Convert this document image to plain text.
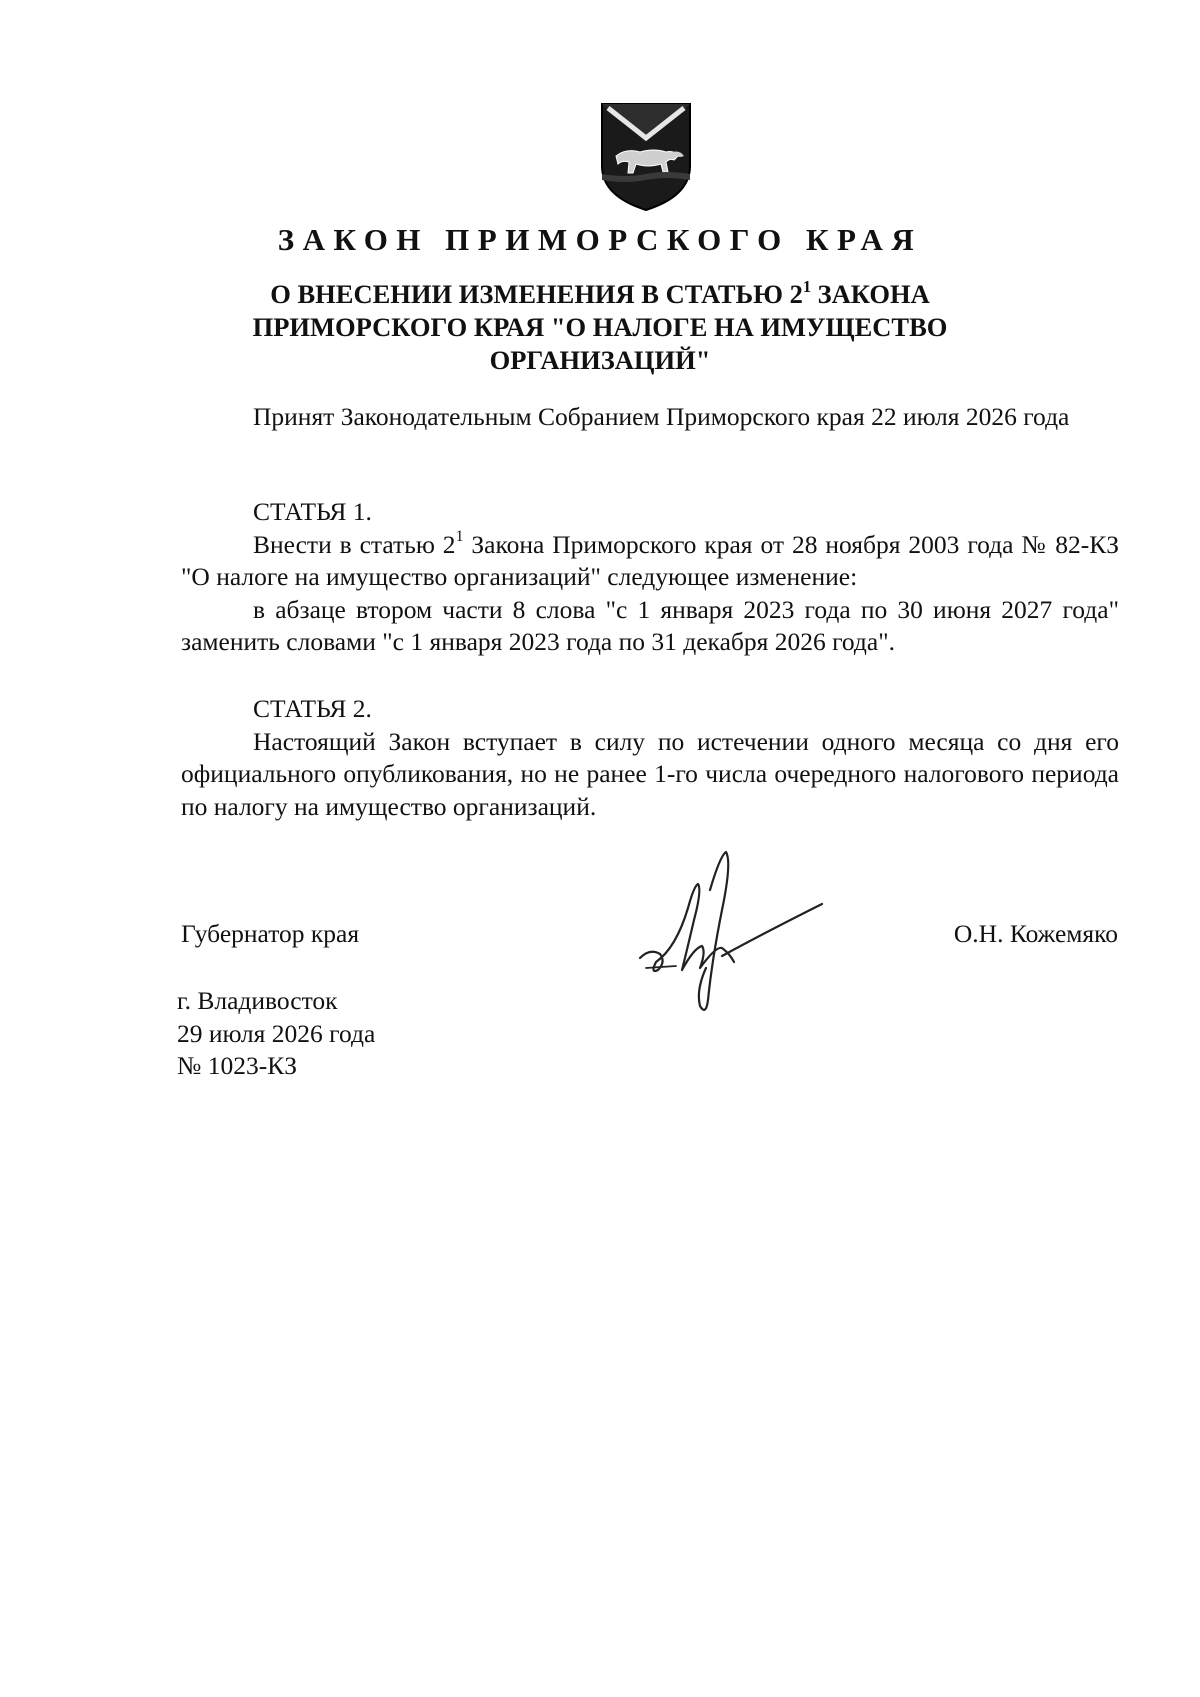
ЗАКОН ПРИМОРСКОГО КРАЯ

О ВНЕСЕНИИ ИЗМЕНЕНИЯ В СТАТЬЮ $2^1$ ЗАКОНА

ПРИМОРСКОГО КРАЯ "О НАЛОГЕ НА ИМУЩЕСТВО

ОРГАНИЗАЦИЙ"

Принят Законодательным Собранием Приморского края 22 июля 2026 года

СТАТЬЯ 1.

Внести в статью $2^1$ Закона Приморского края от 28 ноября 2003 года № 82-КЗ "О налоге на имущество организаций" следующее изменение:

в абзаце втором части 8 слова "с 1 января 2023 года по 30 июня 2027 года" заменить словами "с 1 января 2023 года по 31 декабря 2026 года".

СТАТЬЯ 2.

Настоящий Закон вступает в силу по истечении одного месяца со дня его официального опубликования, но не ранее 1-го числа очередного налогового периода по налогу на имущество организаций.

Губернатор края	О.Н. Кожемяко
г. Владивосток
29 июля 2026 года
№ 1023-КЗ
